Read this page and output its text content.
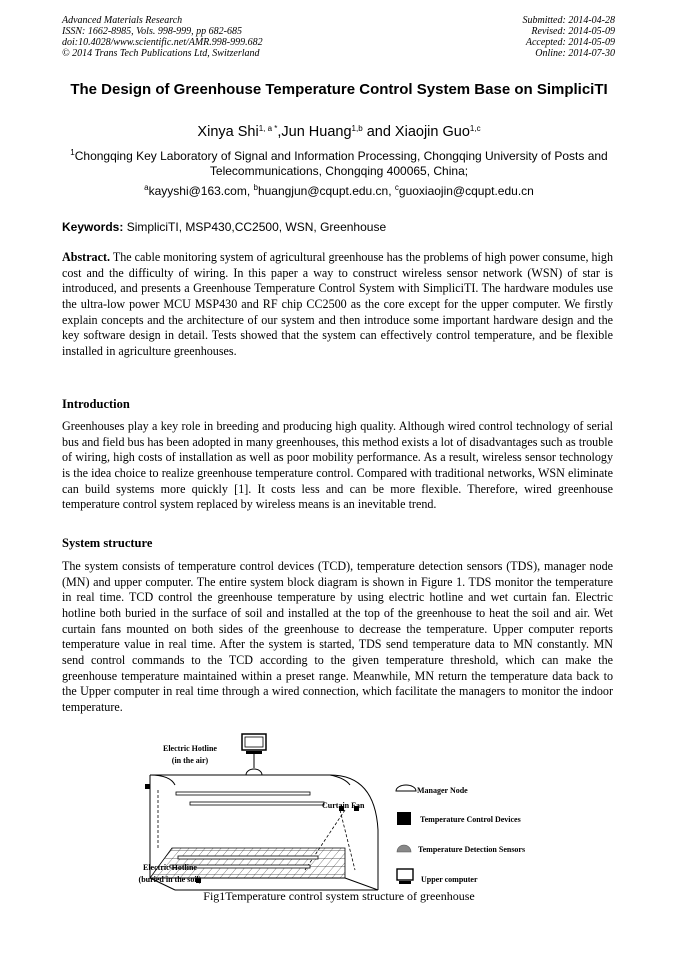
Advanced Materials Research
ISSN: 1662-8985, Vols. 998-999, pp 682-685
doi:10.4028/www.scientific.net/AMR.998-999.682
© 2014 Trans Tech Publications Ltd, Switzerland
Submitted: 2014-04-28
Revised: 2014-05-09
Accepted: 2014-05-09
Online: 2014-07-30
The Design of Greenhouse Temperature Control System Base on SimpliciTI
Xinya Shi$^{1, a *}$,Jun Huang$^{1,b}$ and Xiaojin Guo$^{1,c}$
$^1$Chongqing Key Laboratory of Signal and Information Processing, Chongqing University of Posts and Telecommunications, Chongqing 400065, China;
$^a$kayyshi@163.com, $^b$huangjun@cqupt.edu.cn, $^c$guoxiaojin@cqupt.edu.cn
Keywords: SimpliciTI, MSP430,CC2500, WSN, Greenhouse
Abstract. The cable monitoring system of agricultural greenhouse has the problems of high power consume, high cost and the difficulty of wiring. In this paper a way to construct wireless sensor network (WSN) of star is introduced, and presents a Greenhouse Temperature Control System with SimpliciTI. The hardware modules use the ultra-low power MCU MSP430 and RF chip CC2500 as the core except for the upper computer. We firstly explain concepts and the architecture of our system and then introduce some important hardware design and the key software design in detail. Tests showed that the system can effectively control temperature, and be flexible installed in agriculture greenhouses.
Introduction
Greenhouses play a key role in breeding and producing high quality. Although wired control technology of serial bus and field bus has been adopted in many greenhouses, this method exists a lot of disadvantages such as trouble of wiring, high costs of installation as well as poor mobility performance. As a result, wireless sensor technology is the idea choice to realize greenhouse temperature control. Compared with traditional networks, WSN eliminate can build systems more quickly [1]. It costs less and can be more flexible. Therefore, wired greenhouse temperature control system replaced by wireless means is an inevitable trend.
System structure
The system consists of temperature control devices (TCD), temperature detection sensors (TDS), manager node (MN) and upper computer. The entire system block diagram is shown in Figure 1. TDS monitor the temperature in real time. TCD control the greenhouse temperature by using electric hotline and wet curtain fan. Electric hotline both buried in the surface of soil and installed at the top of the greenhouse to heat the soil and air. Wet curtain fans mounted on both sides of the greenhouse to decrease the temperature. Upper computer reports temperature value in real time. After the system is started, TDS send temperature data to MN constantly. MN send control commands to the TCD according to the given temperature threshold, which can make the greenhouse temperature maintained within a preset range. Meanwhile, MN return the temperature data back to the Upper computer in real time through a wired connection, which facilitate the managers to monitor the indoor temperature.
Electric Hotline
(in the air)
Curtain Fan
Electric Hotline
(buried in the soil)
Manager Node
Temperature Control Devices
Temperature Detection Sensors
Upper computer
Fig1Temperature control system structure of greenhouse
